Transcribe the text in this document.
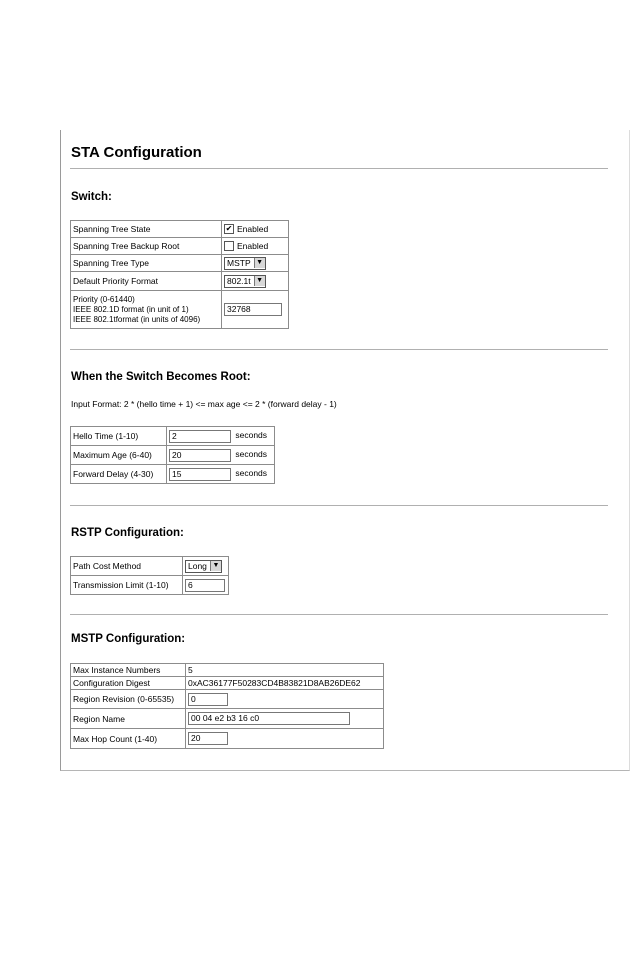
STA Configuration
Switch:
Spanning Tree State	✔ Enabled
Spanning Tree Backup Root	Enabled
Spanning Tree Type	MSTP ▼

Default Priority Format	802.1t ▼

Priority (0-61440)
IEEE 802.1D format (in unit of 1)
IEEE 802.1tformat (in units of 4096)	32768
When the Switch Becomes Root:
Input Format: 2 * (hello time + 1) <= max age <= 2 * (forward delay - 1)
Hello Time (1-10)	2 seconds
Maximum Age (6-40)	20 seconds
Forward Delay (4-30)	15 seconds
RSTP Configuration:
Path Cost Method	Long ▼

Transmission Limit (1-10)	6
MSTP Configuration:
Max Instance Numbers	5
Configuration Digest	0xAC36177F50283CD4B83821D8AB26DE62
Region Revision (0-65535)	0
Region Name	00 04 e2 b3 16 c0
Max Hop Count (1-40)	20
